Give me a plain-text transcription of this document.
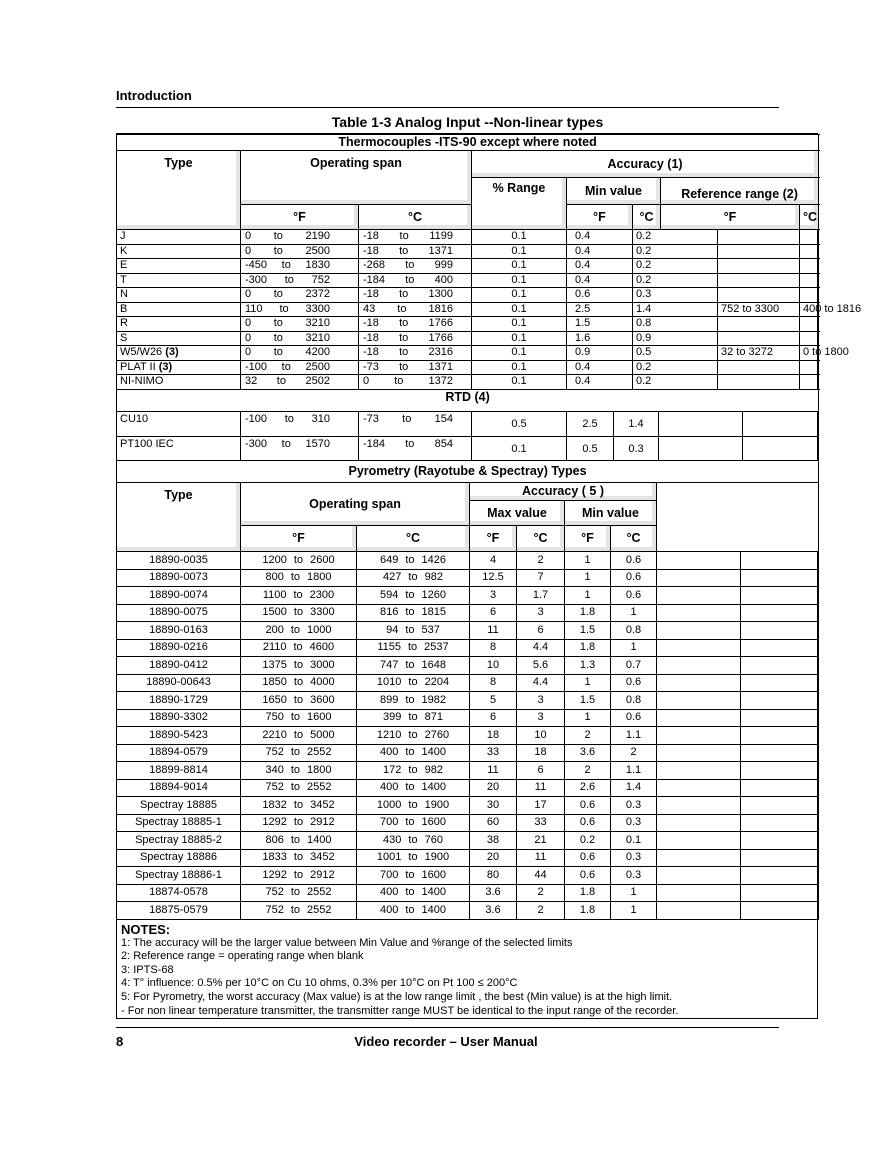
Introduction
Table 1-3 Analog Input --Non-linear types
Thermocouples -ITS-90 except where noted								
Type	Operating span		Accuracy (1)					
			% Range	Min value		Reference range (2)		
	°F	°C		°F	°C	°F		°C
J	0 to 2190	-18 to 1199	0.1	0.4	0.2			
K	0 to 2500	-18 to 1371	0.1	0.4	0.2			
E	-450 to 1830	-268 to 999	0.1	0.4	0.2			
T	-300 to 752	-184 to 400	0.1	0.4	0.2			
N	0 to 2372	-18 to 1300	0.1	0.6	0.3			
B	110 to 3300	43 to 1816	0.1	2.5	1.4		752 to 3300	400 to 1816
R	0 to 3210	-18 to 1766	0.1	1.5	0.8			
S	0 to 3210	-18 to 1766	0.1	1.6	0.9			
W5/W26 (3)	0 to 4200	-18 to 2316	0.1	0.9	0.5		32 to 3272	0 to 1800
PLAT II (3)	-100 to 2500	-73 to 1371	0.1	0.4	0.2			
NI-NIMO	32 to 2502	0 to 1372	0.1	0.4	0.2			
RTD (4)							
CU10	-100 to 310	-73 to 154	0.5	2.5	1.4		
PT100 IEC	-300 to 1570	-184 to 854	0.1	0.5	0.3		
Pyrometry (Rayotube & Spectray) Types								
Type	Operating span		Accuracy ( 5 )					
			Max value		Min value			
	°F	°C	°F	°C	°F	°C		
18890-0035	1200 to 2600	649 to 1426	4	2	1	0.6		
18890-0073	800 to 1800	427 to 982	12.5	7	1	0.6		
18890-0074	1100 to 2300	594 to 1260	3	1.7	1	0.6		
18890-0075	1500 to 3300	816 to 1815	6	3	1.8	1		
18890-0163	200 to 1000	94 to 537	11	6	1.5	0.8		
18890-0216	2110 to 4600	1155 to 2537	8	4.4	1.8	1		
18890-0412	1375 to 3000	747 to 1648	10	5.6	1.3	0.7		
18890-00643	1850 to 4000	1010 to 2204	8	4.4	1	0.6		
18890-1729	1650 to 3600	899 to 1982	5	3	1.5	0.8		
18890-3302	750 to 1600	399 to 871	6	3	1	0.6		
18890-5423	2210 to 5000	1210 to 2760	18	10	2	1.1		
18894-0579	752 to 2552	400 to 1400	33	18	3.6	2		
18899-8814	340 to 1800	172 to 982	11	6	2	1.1		
18894-9014	752 to 2552	400 to 1400	20	11	2.6	1.4		
Spectray 18885	1832 to 3452	1000 to 1900	30	17	0.6	0.3		
Spectray 18885-1	1292 to 2912	700 to 1600	60	33	0.6	0.3		
Spectray 18885-2	806 to 1400	430 to 760	38	21	0.2	0.1		
Spectray 18886	1833 to 3452	1001 to 1900	20	11	0.6	0.3		
Spectray 18886-1	1292 to 2912	700 to 1600	80	44	0.6	0.3		
18874-0578	752 to 2552	400 to 1400	3.6	2	1.8	1		
18875-0579	752 to 2552	400 to 1400	3.6	2	1.8	1		
NOTES:
1: The accuracy will be the larger value between Min Value and %range of the selected limits
2: Reference range = operating range when blank
3: IPTS-68
4: T° influence: 0.5% per 10°C on Cu 10 ohms, 0.3% per 10°C on Pt 100 ≤ 200°C
5: For Pyrometry, the worst accuracy (Max value) is at the low range limit , the best (Min value) is at the high limit.
- For non linear temperature transmitter, the transmitter range MUST be identical to the input range of the recorder.
8	Video recorder – User Manual
